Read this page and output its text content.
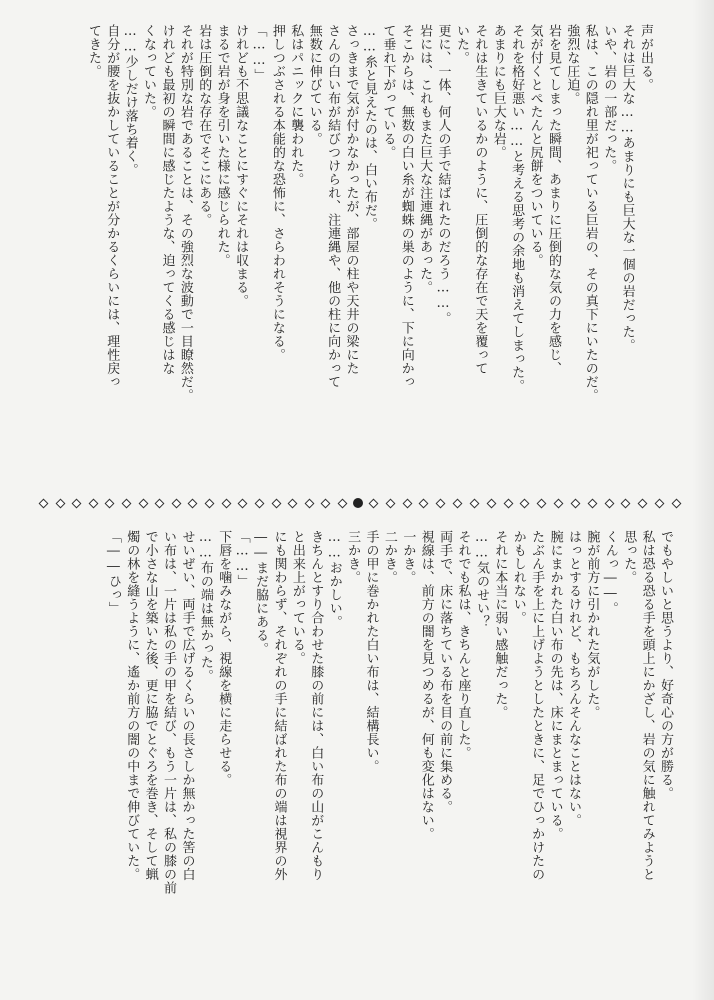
声が出る。
それは巨大な……あまりにも巨大な一個の岩だった。
いや、岩の一部だった。
私は、この隠れ里が祀っている巨岩の、その真下にいたのだ。
強烈な圧迫。
岩を見てしまった瞬間、あまりに圧倒的な気の力を感じ、
気が付くとぺたんと尻餅をついている。
それを格好悪い……と考える思考の余地も消えてしまった。
あまりにも巨大な岩。
それは生きているかのように、圧倒的な存在で天を覆って
いた。
更に、一体、何人の手で結ばれたのだろう……。
岩には、これもまた巨大な注連縄があった。
そこからは、無数の白い糸が蜘蛛の巣のように、下に向かっ
て垂れ下がっている。
……糸と見えたのは、白い布だ。
さっきまで気が付かなかったが、部屋の柱や天井の梁にた
さんの白い布が結びつけられ、注連縄や、他の柱に向かって
無数に伸びている。
私はパニックに襲われた。
押しつぶされる本能的な恐怖に、さらわれそうになる。
「……」
けれども不思議なことにすぐにそれは収まる。
まるで岩が身を引いた様に感じられた。
岩は圧倒的な存在でそこにある。
それが特別な岩であることは、その強烈な波動で一目瞭然だ。
けれども最初の瞬間に感じたような、迫ってくる感じはな
くなっていた。
……少しだけ落ち着く。
自分が腰を抜かしていることが分かるくらいには、理性戻っ
てきた。
でもやしいと思うより、好奇心の方が勝る。
私は恐る恐る手を頭上にかざし、岩の気に触れてみようと
思った。
くんっ――。
腕が前方に引かれた気がした。
はっとするけれど、もちろんそんなことはない。
腕にまかれた白い布の先は、床にまとまっている。
たぶん手を上に上げようとしたときに、足でひっかけたの
かもしれない。
それに本当に弱い感触だった。
……気のせい？
それでも私は、きちんと座り直した。
両手で、床に落ちている布を目の前に集める。
視線は、前方の闇を見つめるが、何も変化はない。
一かき。
二かき。
手の甲に巻かれた白い布は、結構長い。
三かき。
……おかしい。
きちんとすり合わせた膝の前には、白い布の山がこんもり
と出来上がっている。
にも関わらず、それぞれの手に結ばれた布の端は視界の外
――まだ脇にある。
「……」
下唇を噛みながら、視線を横に走らせる。
……布の端は無かった。
せいぜい、両手で広げるくらいの長さしか無かった筈の白
い布は、一片は私の手の甲を結び、もう一片は、私の膝の前
で小さな山を築いた後、更に脇でとぐろを巻き、そして蝋
燭の林を縫うように、遙か前方の闇の中まで伸びていた。
「――ひっ」
